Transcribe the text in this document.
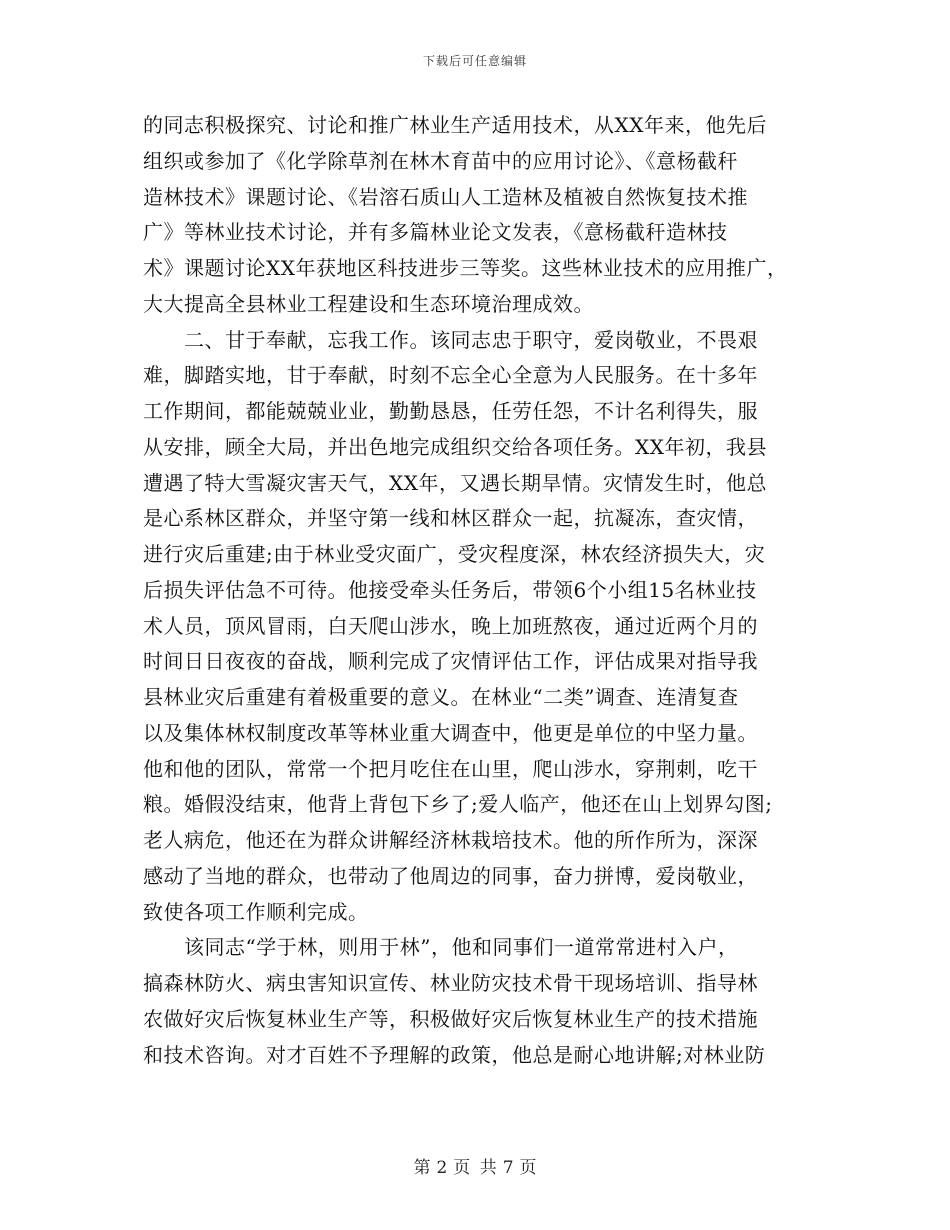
下载后可任意编辑
的同志积极探究、讨论和推广林业生产适用技术，从XX年来，他先后
组织或参加了《化学除草剂在林木育苗中的应用讨论》、《意杨截秆
造林技术》课题讨论、《岩溶石质山人工造林及植被自然恢复技术推
广》等林业技术讨论，并有多篇林业论文发表，《意杨截秆造林技
术》课题讨论XX年获地区科技进步三等奖。这些林业技术的应用推广，
大大提高全县林业工程建设和生态环境治理成效。
　　二、甘于奉献，忘我工作。该同志忠于职守，爱岗敬业，不畏艰
难，脚踏实地，甘于奉献，时刻不忘全心全意为人民服务。在十多年
工作期间，都能兢兢业业，勤勤恳恳，任劳任怨，不计名利得失，服
从安排，顾全大局，并出色地完成组织交给各项任务。XX年初，我县
遭遇了特大雪凝灾害天气，XX年，又遇长期旱情。灾情发生时，他总
是心系林区群众，并坚守第一线和林区群众一起，抗凝冻，查灾情，
进行灾后重建;由于林业受灾面广，受灾程度深，林农经济损失大，灾
后损失评估急不可待。他接受牵头任务后，带领6个小组15名林业技
术人员，顶风冒雨，白天爬山涉水，晚上加班熬夜，通过近两个月的
时间日日夜夜的奋战，顺利完成了灾情评估工作，评估成果对指导我
县林业灾后重建有着极重要的意义。在林业“二类”调查、连清复查
以及集体林权制度改革等林业重大调查中，他更是单位的中坚力量。
他和他的团队，常常一个把月吃住在山里，爬山涉水，穿荆刺，吃干
粮。婚假没结束，他背上背包下乡了;爱人临产，他还在山上划界勾图;
老人病危，他还在为群众讲解经济林栽培技术。他的所作所为，深深
感动了当地的群众，也带动了他周边的同事，奋力拼博，爱岗敬业，
致使各项工作顺利完成。
　　该同志“学于林，则用于林”，他和同事们一道常常进村入户，
搞森林防火、病虫害知识宣传、林业防灾技术骨干现场培训、指导林
农做好灾后恢复林业生产等，积极做好灾后恢复林业生产的技术措施
和技术咨询。对才百姓不予理解的政策，他总是耐心地讲解;对林业防
第 2 页 共 7 页
